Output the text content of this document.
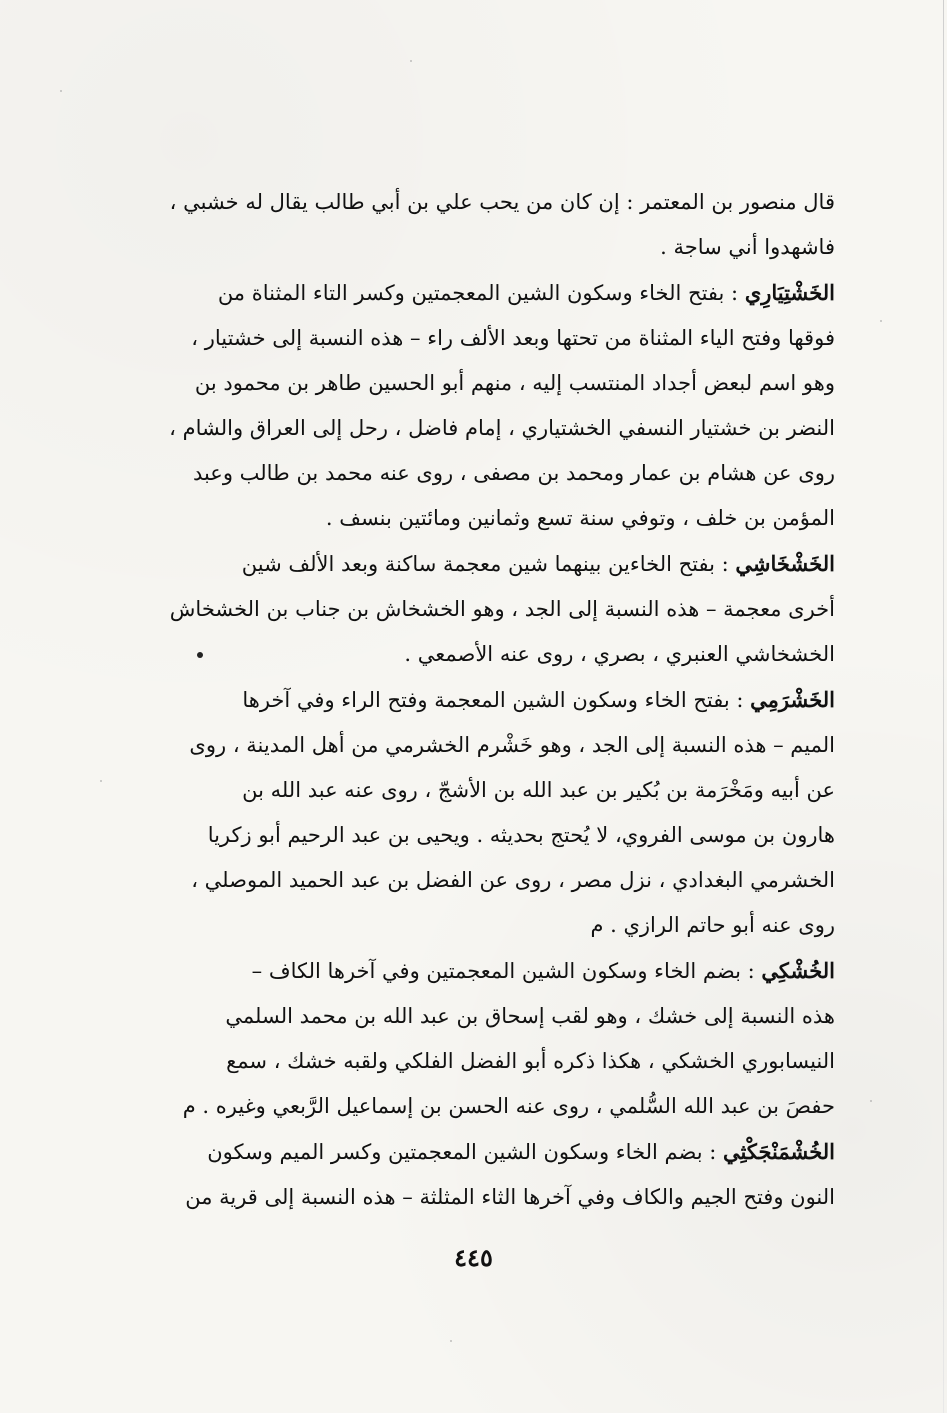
قال منصور بن المعتمر : إن كان من يحب علي بن أبي طالب يقال له خشبي ،
فاشهدوا أني ساجة .
الخَشْتِيَارِي : بفتح الخاء وسكون الشين المعجمتين وكسر التاء المثناة من
فوقها وفتح الياء المثناة من تحتها وبعد الألف راء – هذه النسبة إلى خشتيار ،
وهو اسم لبعض أجداد المنتسب إليه ، منهم أبو الحسين طاهر بن محمود بن
النضر بن خشتيار النسفي الخشتياري ، إمام فاضل ، رحل إلى العراق والشام ،
روى عن هشام بن عمار ومحمد بن مصفى ، روى عنه محمد بن طالب وعبد
المؤمن بن خلف ، وتوفي سنة تسع وثمانين ومائتين بنسف .
الخَشْخَاشِي : بفتح الخاءين بينهما شين معجمة ساكنة وبعد الألف شين
أخرى معجمة – هذه النسبة إلى الجد ، وهو الخشخاش بن جناب بن الخشخاش
الخشخاشي العنبري ، بصري ، روى عنه الأصمعي .
الخَشْرَمِي : بفتح الخاء وسكون الشين المعجمة وفتح الراء وفي آخرها
الميم – هذه النسبة إلى الجد ، وهو خَشْرم الخشرمي من أهل المدينة ، روى
عن أبيه ومَخْرَمة بن بُكير بن عبد الله بن الأشجّ ، روى عنه عبد الله بن
هارون بن موسى الفروي، لا يُحتج بحديثه . ويحيى بن عبد الرحيم أبو زكريا
الخشرمي البغدادي ، نزل مصر ، روى عن الفضل بن عبد الحميد الموصلي ،
روى عنه أبو حاتم الرازي . م
الخُشْكِي : بضم الخاء وسكون الشين المعجمتين وفي آخرها الكاف –
هذه النسبة إلى خشك ، وهو لقب إسحاق بن عبد الله بن محمد السلمي
النيسابوري الخشكي ، هكذا ذكره أبو الفضل الفلكي ولقبه خشك ، سمع
حفصَ بن عبد الله السُّلمي ، روى عنه الحسن بن إسماعيل الرَّبعي وغيره . م
الخُشْمَنْجَكْثِي : بضم الخاء وسكون الشين المعجمتين وكسر الميم وسكون
النون وفتح الجيم والكاف وفي آخرها الثاء المثلثة – هذه النسبة إلى قرية من
٤٤٥
